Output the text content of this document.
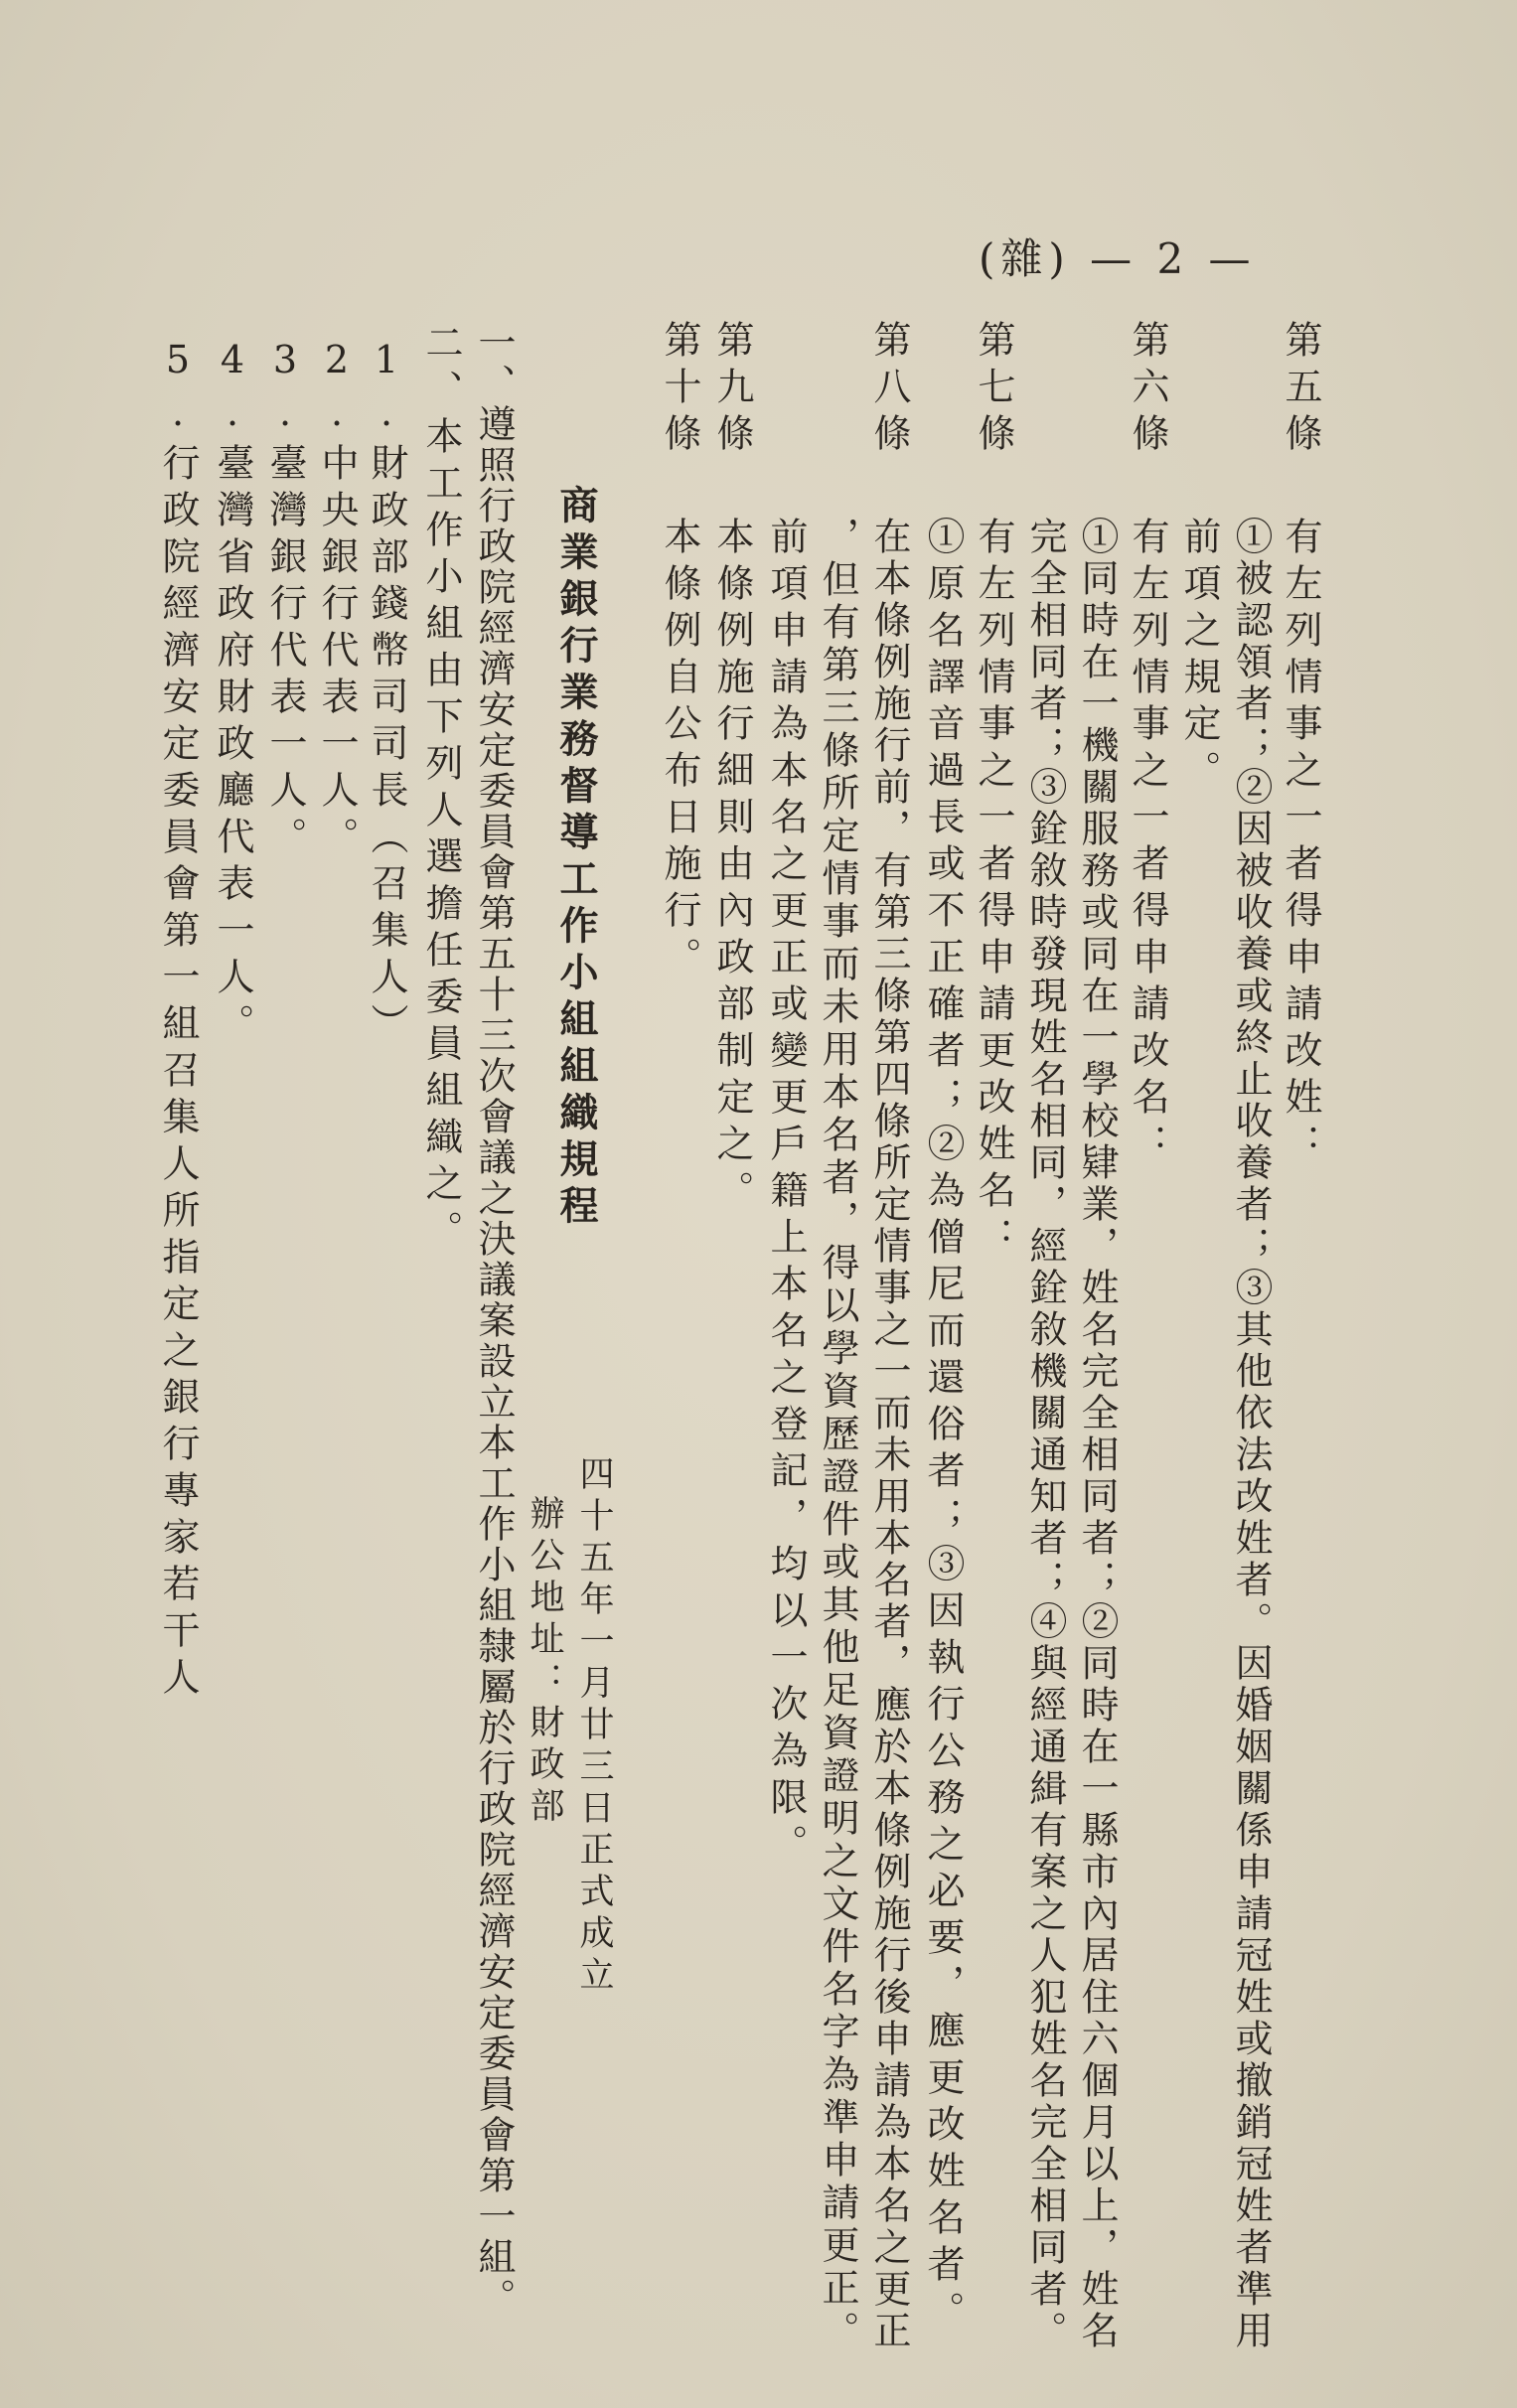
(雜) — 2 —
第五條
有左列情事之一者得申請改姓：
①被認領者；②因被收養或終止收養者；③其他依法改姓者。因婚姻關係申請冠姓或撤銷冠姓者準用
前項之規定。
第六條
有左列情事之一者得申請改名：
①同時在一機關服務或同在一學校肄業，姓名完全相同者；②同時在一縣市內居住六個月以上，姓名
完全相同者；③銓敘時發現姓名相同，經銓敘機關通知者；④與經通緝有案之人犯姓名完全相同者。
第七條
有左列情事之一者得申請更改姓名：
①原名譯音過長或不正確者；②為僧尼而還俗者；③因執行公務之必要，應更改姓名者。
第八條
在本條例施行前，有第三條第四條所定情事之一而未用本名者，應於本條例施行後申請為本名之更正
，但有第三條所定情事而未用本名者，得以學資歷證件或其他足資證明之文件名字為準申請更正。
前項申請為本名之更正或變更戶籍上本名之登記，均以一次為限。
第九條
本條例施行細則由內政部制定之。
第十條
本條例自公布日施行。
商業銀行業務督導工作小組組織規程
四十五年一月廿三日正式成立
辦公地址：財政部
一、遵照行政院經濟安定委員會第五十三次會議之決議案設立本工作小組隸屬於行政院經濟安定委員會第一組。
二、本工作小組由下列人選擔任委員組織之。
1.財政部錢幣司司長（召集人）
2.中央銀行代表一人。
3.臺灣銀行代表一人。
4.臺灣省政府財政廳代表一人。
5.行政院經濟安定委員會第一組召集人所指定之銀行專家若干人
